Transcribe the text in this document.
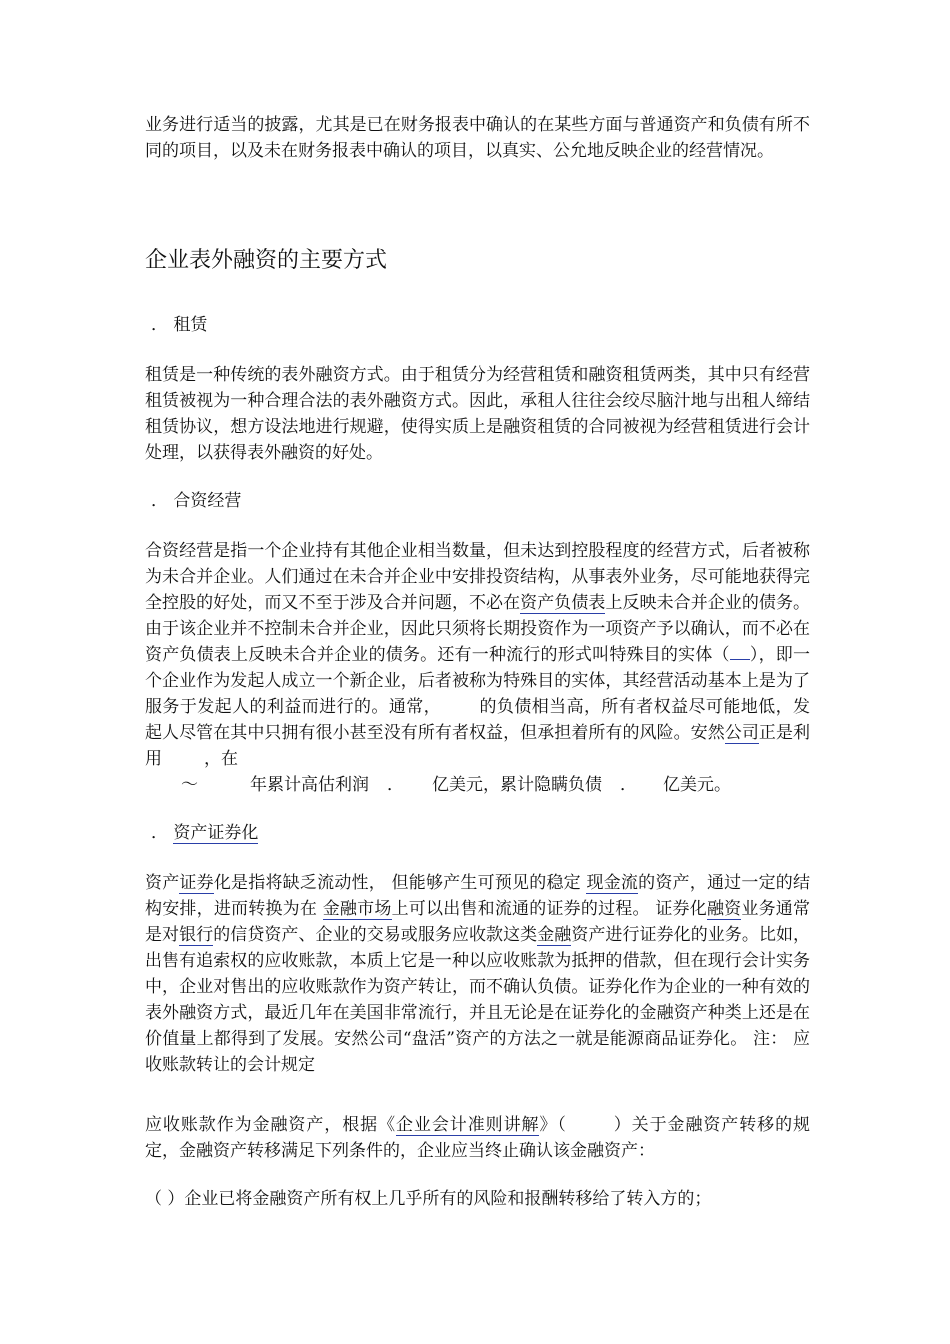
业务进行适当的披露，尤其是已在财务报表中确认的在某些方面与普通资产和负债有所不同的项目，以及未在财务报表中确认的项目，以真实、公允地反映企业的经营情况。

企业表外融资的主要方式
． 租赁

租赁是一种传统的表外融资方式。由于租赁分为经营租赁和融资租赁两类，其中只有经营租赁被视为一种合理合法的表外融资方式。因此，承租人往往会绞尽脑汁地与出租人缔结租赁协议，想方设法地进行规避，使得实质上是融资租赁的合同被视为经营租赁进行会计处理，以获得表外融资的好处。

． 合资经营

合资经营是指一个企业持有其他企业相当数量，但未达到控股程度的经营方式，后者被称为未合并企业。人们通过在未合并企业中安排投资结构，从事表外业务，尽可能地获得完全控股的好处，而又不至于涉及合并问题，不必在资产负债表上反映未合并企业的债务。由于该企业并不控制未合并企业，因此只须将长期投资作为一项资产予以确认，而不必在资产负债表上反映未合并企业的债务。还有一种流行的形式叫特殊目的实体（ ），即一个企业作为发起人成立一个新企业，后者被称为特殊目的实体，其经营活动基本上是为了服务于发起人的利益而进行的。通常， 的负债相当高，所有者权益尽可能地低，发起人尽管在其中只拥有很小甚至没有所有者权益，但承担着所有的风险。安然公司正是利用 ，在
～	年累计高估利润 ． 亿美元，累计隐瞒负债 ． 亿美元。

． 资产证券化

资产证券化是指将缺乏流动性， 但能够产生可预见的稳定 现金流的资产，通过一定的结构安排，进而转换为在 金融市场上可以出售和流通的证券的过程。 证券化融资业务通常是对银行的信贷资产、企业的交易或服务应收款这类金融资产进行证券化的业务。比如，出售有追索权的应收账款，本质上它是一种以应收账款为抵押的借款，但在现行会计实务中，企业对售出的应收账款作为资产转让，而不确认负债。证券化作为企业的一种有效的表外融资方式，最近几年在美国非常流行，并且无论是在证券化的金融资产种类上还是在价值量上都得到了发展。安然公司“盘活”资产的方法之一就是能源商品证券化。 注： 应收账款转让的会计规定

应收账款作为金融资产，根据《企业会计准则讲解》（	）关于金融资产转移的规定，金融资产转移满足下列条件的，企业应当终止确认该金融资产：

（ ）企业已将金融资产所有权上几乎所有的风险和报酬转移给了转入方的；
